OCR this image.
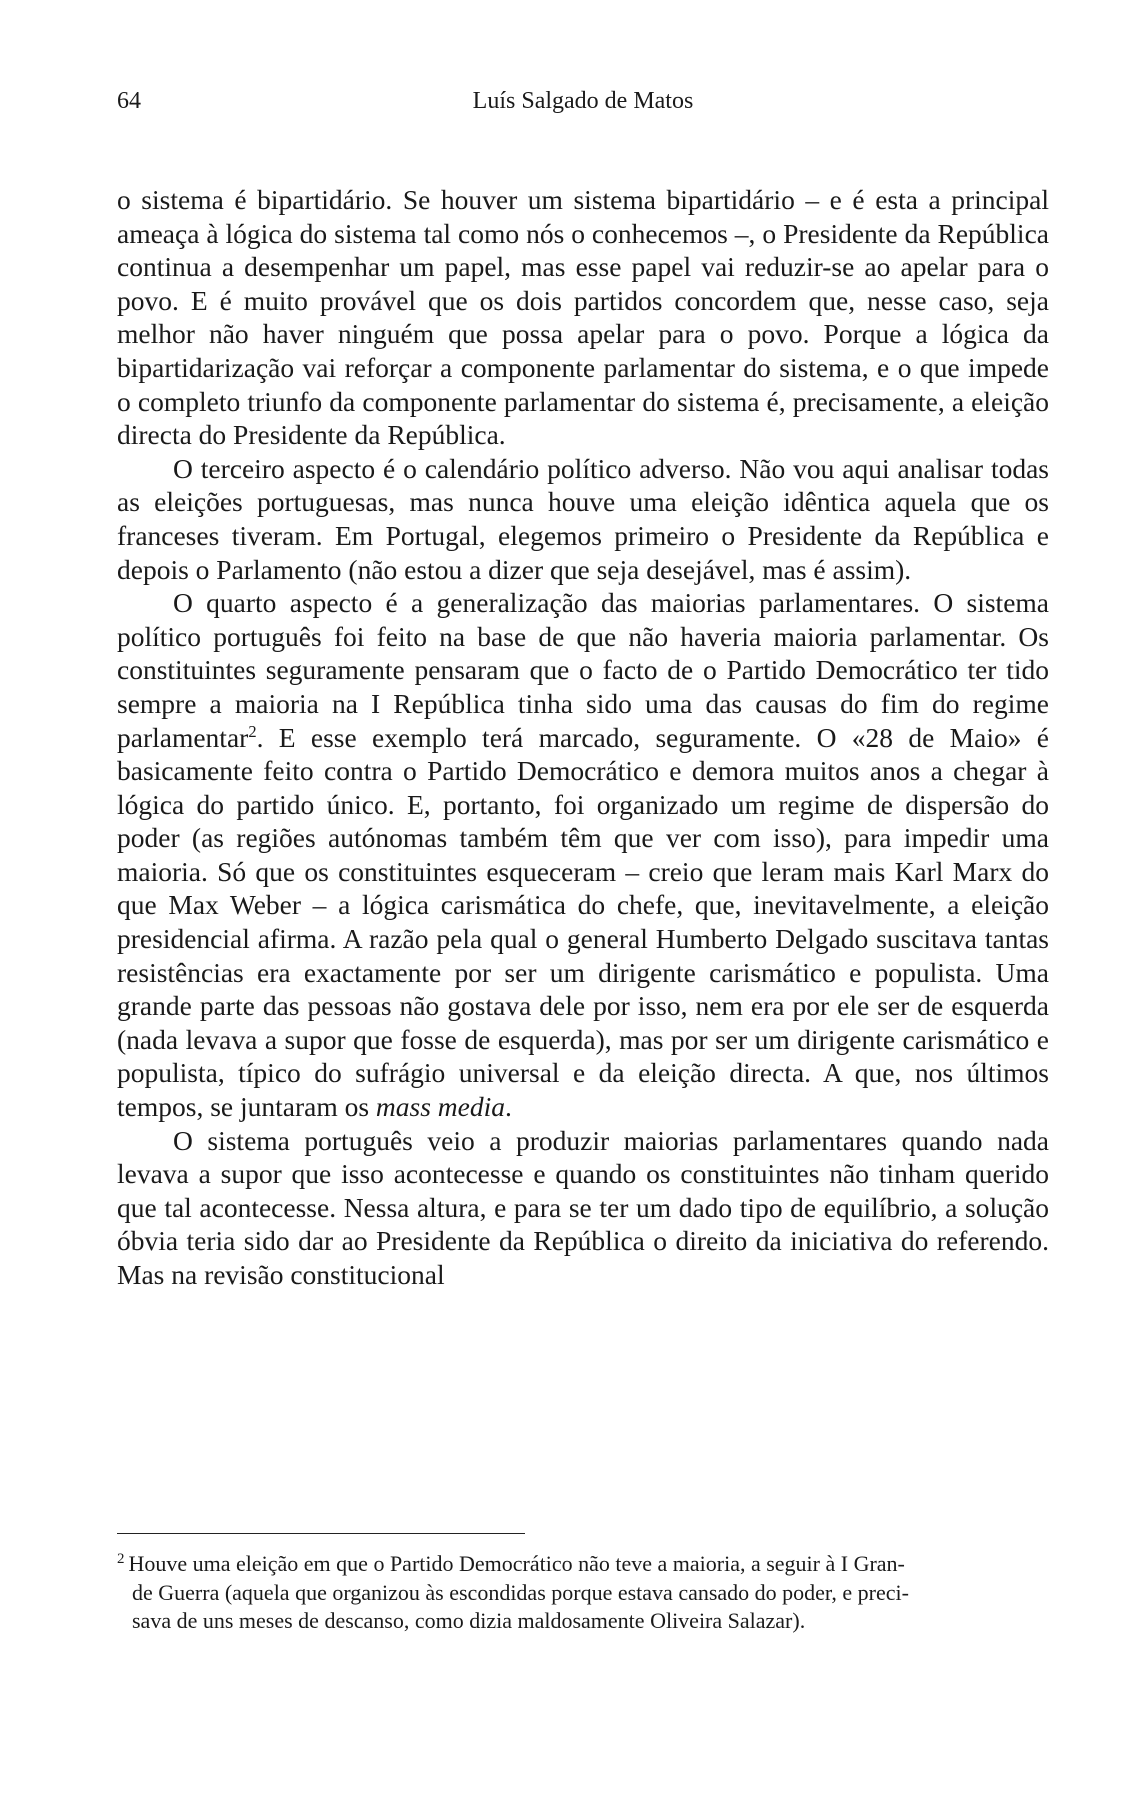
64	Luís Salgado de Matos

o sistema é bipartidário. Se houver um sistema bipartidário – e é esta a principal ameaça à lógica do sistema tal como nós o conhecemos –, o Presidente da República continua a desempenhar um papel, mas esse papel vai reduzir-se ao apelar para o povo. E é muito provável que os dois partidos concordem que, nesse caso, seja melhor não haver ninguém que possa apelar para o povo. Porque a lógica da bipartidarização vai reforçar a componente parlamentar do sistema, e o que impede o completo triunfo da componente parlamentar do sistema é, precisamente, a eleição directa do Presidente da República.

O terceiro aspecto é o calendário político adverso. Não vou aqui analisar todas as eleições portuguesas, mas nunca houve uma eleição idêntica aquela que os franceses tiveram. Em Portugal, elegemos primeiro o Presidente da República e depois o Parlamento (não estou a dizer que seja desejável, mas é assim).

O quarto aspecto é a generalização das maiorias parlamentares. O sistema político português foi feito na base de que não haveria maioria parlamentar. Os constituintes seguramente pensaram que o facto de o Partido Democrático ter tido sempre a maioria na I República tinha sido uma das causas do fim do regime parlamentar$^2$. E esse exemplo terá marcado, seguramente. O «28 de Maio» é basicamente feito contra o Partido Democrático e demora muitos anos a chegar à lógica do partido único. E, portanto, foi organizado um regime de dispersão do poder (as regiões autónomas também têm que ver com isso), para impedir uma maioria. Só que os constituintes esqueceram – creio que leram mais Karl Marx do que Max Weber – a lógica carismática do chefe, que, inevitavelmente, a eleição presidencial afirma. A razão pela qual o general Humberto Delgado suscitava tantas resistências era exactamente por ser um dirigente carismático e populista. Uma grande parte das pessoas não gostava dele por isso, nem era por ele ser de esquerda (nada levava a supor que fosse de esquerda), mas por ser um dirigente carismático e populista, típico do sufrágio universal e da eleição directa. A que, nos últimos tempos, se juntaram os mass media.

O sistema português veio a produzir maiorias parlamentares quando nada levava a supor que isso acontecesse e quando os constituintes não tinham querido que tal acontecesse. Nessa altura, e para se ter um dado tipo de equilíbrio, a solução óbvia teria sido dar ao Presidente da República o direito da iniciativa do referendo. Mas na revisão constitucional

$^2$ Houve uma eleição em que o Partido Democrático não teve a maioria, a seguir à I Gran-

de Guerra (aquela que organizou às escondidas porque estava cansado do poder, e preci-

sava de uns meses de descanso, como dizia maldosamente Oliveira Salazar).
